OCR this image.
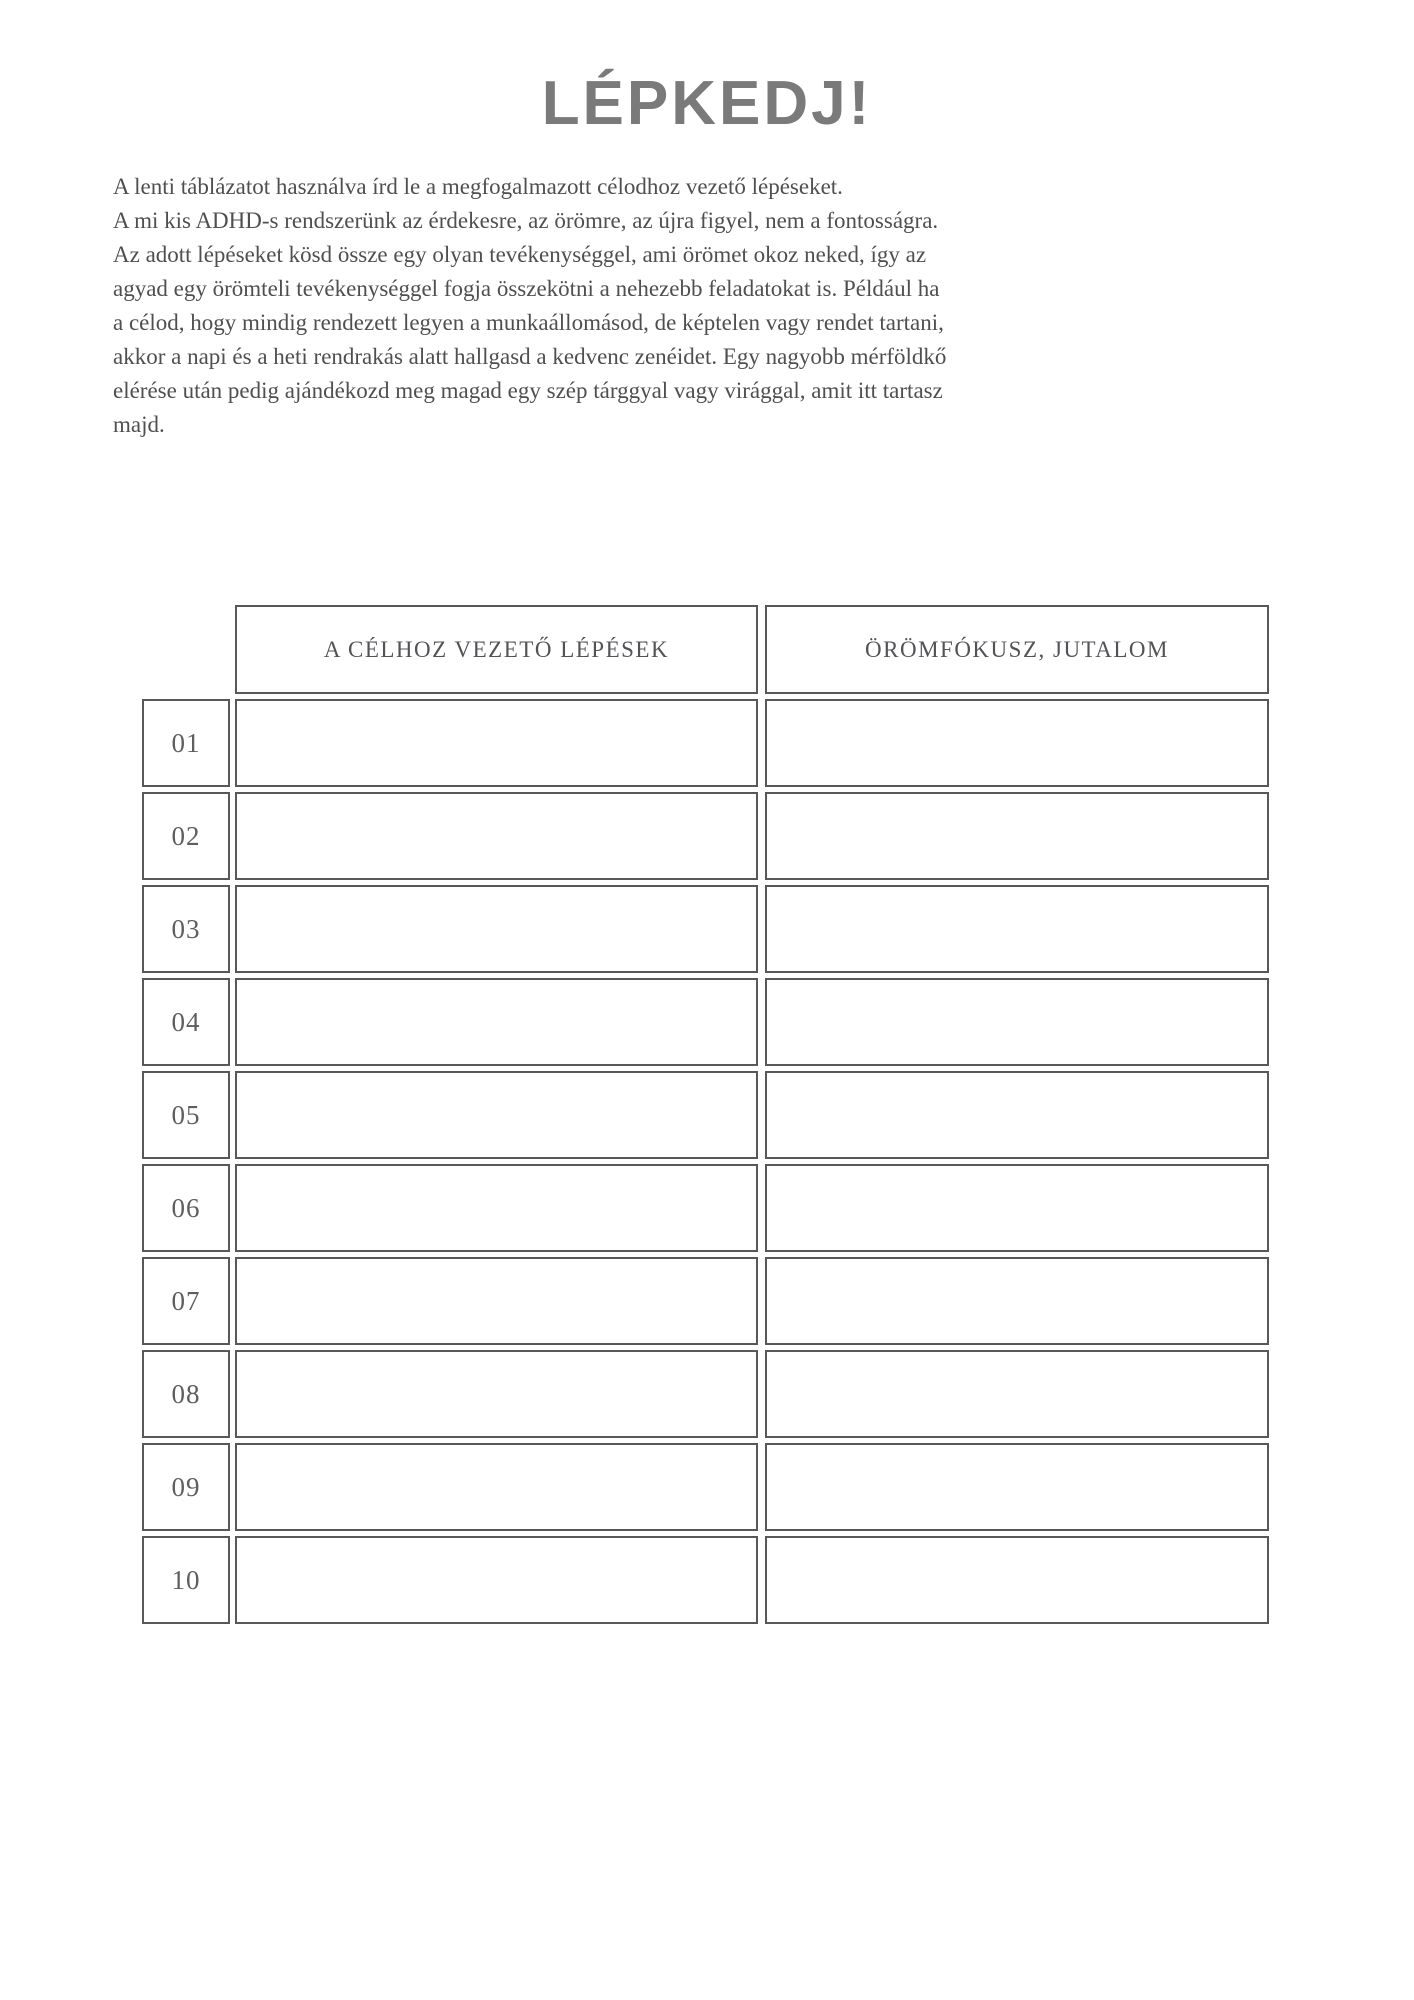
LÉPKEDJ!
A lenti táblázatot használva írd le a megfogalmazott célodhoz vezető lépéseket.
A mi kis ADHD-s rendszerünk az érdekesre, az örömre, az újra figyel, nem a fontosságra.
Az adott lépéseket kösd össze egy olyan tevékenységgel, ami örömet okoz neked, így az
agyad egy örömteli tevékenységgel fogja összekötni a nehezebb feladatokat is. Például ha
a célod, hogy mindig rendezett legyen a munkaállomásod, de képtelen vagy rendet tartani,
akkor a napi és a heti rendrakás alatt hallgasd a kedvenc zenéidet. Egy nagyobb mérföldkő
elérése után pedig ajándékozd meg magad egy szép tárggyal vagy virággal, amit itt tartasz
majd.
A CÉLHOZ VEZETŐ LÉPÉSEK	ÖRÖMFÓKUSZ, JUTALOM
01
02
03
04
05
06
07
08
09
10
